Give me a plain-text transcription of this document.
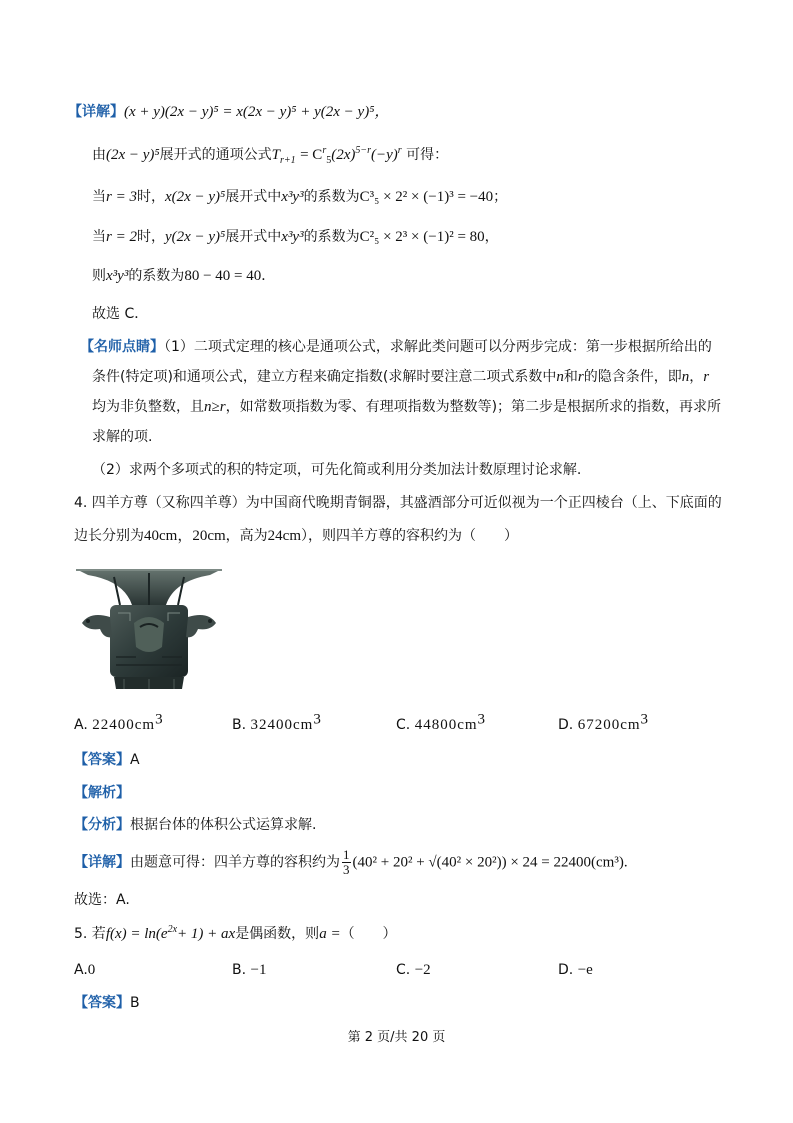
【详解】(x + y)(2x − y)⁵ = x(2x − y)⁵ + y(2x − y)⁵，
由(2x − y)⁵展开式的通项公式$T_{r+1} = C^r_5(2x)^{5-r}(-y)^r$ 可得：
当r = 3时，x(2x − y)⁵展开式中x³y³的系数为C³₅ × 2² × (−1)³ = −40；
当r = 2时，y(2x − y)⁵展开式中x³y³的系数为C²₅ × 2³ × (−1)² = 80，
则x³y³的系数为80 − 40 = 40．
故选 C．
【名师点睛】（1）二项式定理的核心是通项公式，求解此类问题可以分两步完成：第一步根据所给出的
条件(特定项)和通项公式，建立方程来确定指数(求解时要注意二项式系数中n和r的隐含条件，即n，r
均为非负整数，且n≥r，如常数项指数为零、有理项指数为整数等)；第二步是根据所求的指数，再求所
求解的项.
（2）求两个多项式的积的特定项，可先化简或利用分类加法计数原理讨论求解.
4. 四羊方尊（又称四羊尊）为中国商代晚期青铜器，其盛酒部分可近似视为一个正四棱台（上、下底面的
边长分别为40cm，20cm，高为24cm），则四羊方尊的容积约为（　　）
A. $22400cm^3$	B. $32400cm^3$	C. $44800cm^3$	D. $67200cm^3$
【答案】A
【解析】
【分析】根据台体的体积公式运算求解.
【详解】由题意可得：四羊方尊的容积约为 $\frac{1}{3} (40^2 + 20^2 + √(40^2 \times 20^2)) \times 24 = 22400(cm^3)$.
故选：A.
5. 若$f(x) = \ln(e^{2x}+ 1)$ + ax是偶函数，则a =（　　）
A.0	B. −1	C. −2	D. −e
【答案】B
第 2 页/共 20 页
